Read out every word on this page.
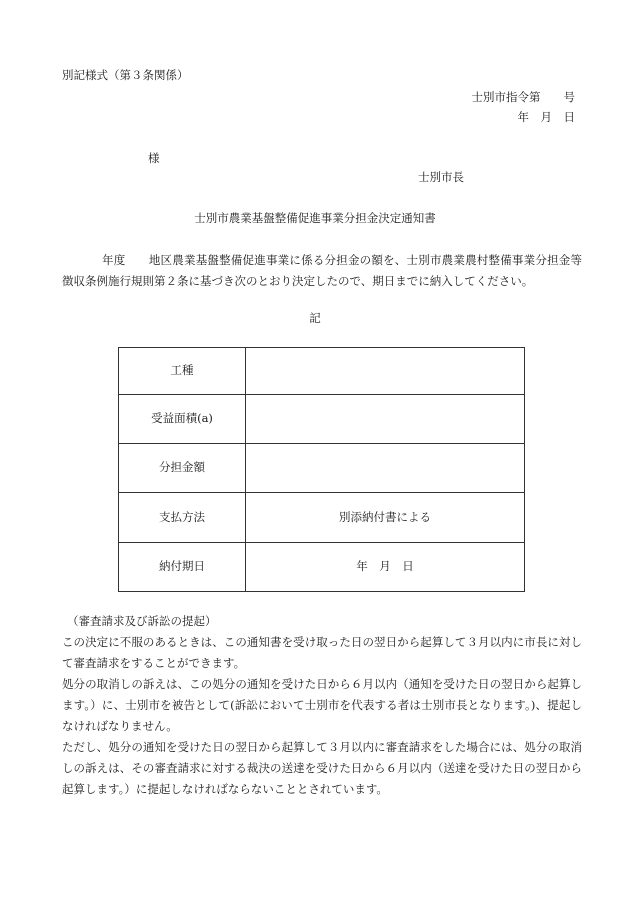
別記様式（第３条関係）
士別市指令第　　号
年　月　日
様
士別市長
士別市農業基盤整備促進事業分担金決定通知書

年度　　地区農業基盤整備促進事業に係る分担金の額を、士別市農業農村整備事業分担金等徴収条例施行規則第２条に基づき次のとおり決定したので、期日までに納入してください。

記
工種	
受益面積(a)	
分担金額	
支払方法	別添納付書による
納付期日	年　月　日

（審査請求及び訴訟の提起）

この決定に不服のあるときは、この通知書を受け取った日の翌日から起算して３月以内に市長に対して審査請求をすることができます。

処分の取消しの訴えは、この処分の通知を受けた日から６月以内（通知を受けた日の翌日から起算します。）に、士別市を被告として(訴訟において士別市を代表する者は士別市長となります。)、提起しなければなりません。

ただし、処分の通知を受けた日の翌日から起算して３月以内に審査請求をした場合には、処分の取消しの訴えは、その審査請求に対する裁決の送達を受けた日から６月以内（送達を受けた日の翌日から起算します。）に提起しなければならないこととされています。
